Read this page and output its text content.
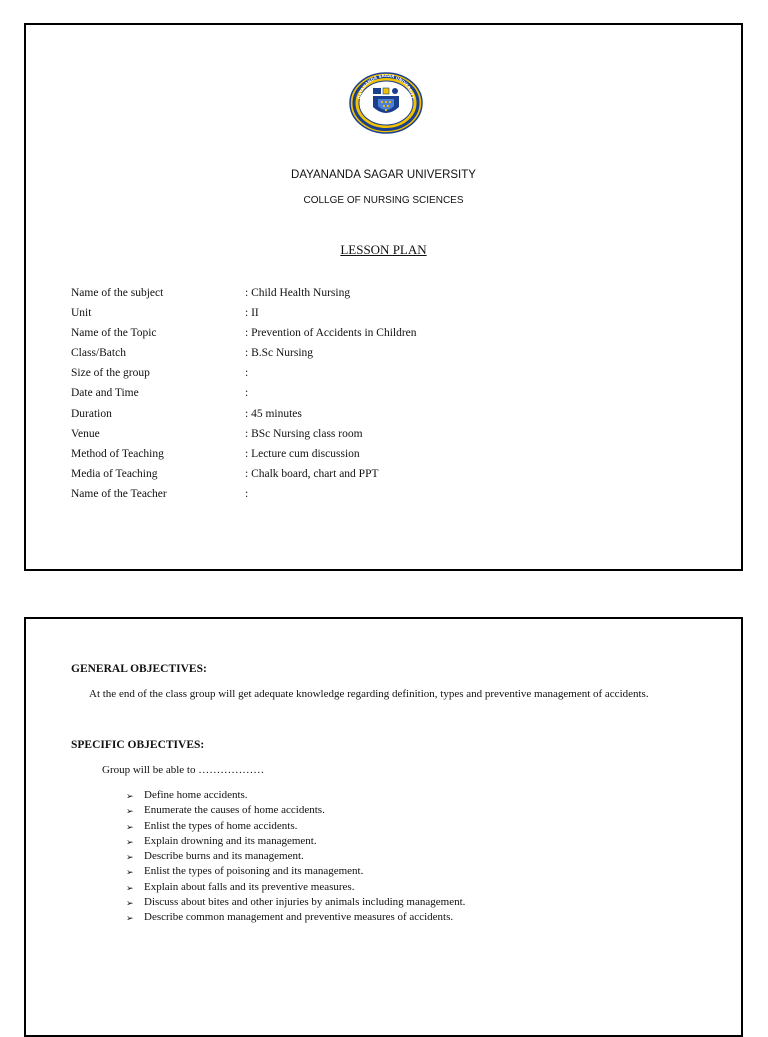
DAYANANDA SAGAR UNIVERSITY
TD. 2014 • BENGALURU • IND
DAYANANDA SAGAR UNIVERSITY
COLLGE OF NURSING SCIENCES
LESSON PLAN
Name of the subject	: Child Health Nursing
Unit	: II
Name of the Topic	: Prevention of Accidents in Children
Class/Batch	: B.Sc Nursing
Size of the group	:
Date and Time	:
Duration	: 45 minutes
Venue	: BSc Nursing class room
Method of Teaching	: Lecture cum discussion
Media of Teaching	: Chalk board, chart and PPT
Name of the Teacher	:
GENERAL OBJECTIVES:
At the end of the class group will get adequate knowledge regarding definition, types and preventive management of accidents.
SPECIFIC OBJECTIVES:
Group will be able to ………………
➢ Define home accidents.
➢ Enumerate the causes of home accidents.
➢ Enlist the types of home accidents.
➢ Explain drowning and its management.
➢ Describe burns and its management.
➢ Enlist the types of poisoning and its management.
➢ Explain about falls and its preventive measures.
➢ Discuss about bites and other injuries by animals including management.
➢ Describe common management and preventive measures of accidents.
